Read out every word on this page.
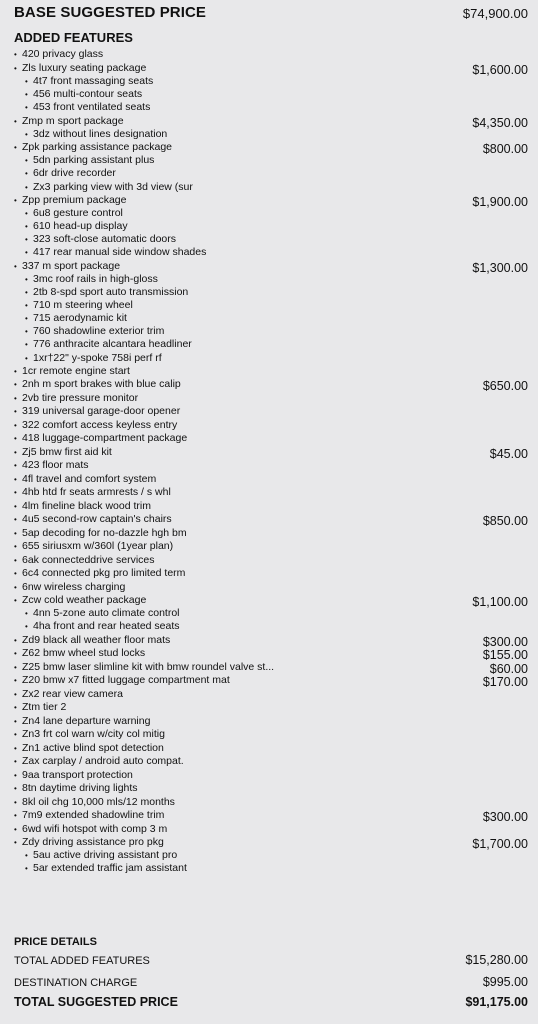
BASE SUGGESTED PRICE	$74,900.00
ADDED FEATURES
• 420 privacy glass
• Zls luxury seating package	$1,600.00
• 4t7 front massaging seats
• 456 multi-contour seats
• 453 front ventilated seats
• Zmp m sport package	$4,350.00
• 3dz without lines designation
• Zpk parking assistance package	$800.00
• 5dn parking assistant plus
• 6dr drive recorder
• Zx3 parking view with 3d view (sur
• Zpp premium package	$1,900.00
• 6u8 gesture control
• 610 head-up display
• 323 soft-close automatic doors
• 417 rear manual side window shades
• 337 m sport package	$1,300.00
• 3mc roof rails in high-gloss
• 2tb 8-spd sport auto transmission
• 710 m steering wheel
• 715 aerodynamic kit
• 760 shadowline exterior trim
• 776 anthracite alcantara headliner
• 1xr†22" y-spoke 758i perf rf
• 1cr remote engine start
• 2nh m sport brakes with blue calip	$650.00
• 2vb tire pressure monitor
• 319 universal garage-door opener
• 322 comfort access keyless entry
• 418 luggage-compartment package
• Zj5 bmw first aid kit	$45.00
• 423 floor mats
• 4fl travel and comfort system
• 4hb htd fr seats armrests / s whl
• 4lm fineline black wood trim
• 4u5 second-row captain's chairs	$850.00
• 5ap decoding for no-dazzle hgh bm
• 655 siriusxm w/360l (1year plan)
• 6ak connecteddrive services
• 6c4 connected pkg pro limited term
• 6nw wireless charging
• Zcw cold weather package	$1,100.00
• 4nn 5-zone auto climate control
• 4ha front and rear heated seats
• Zd9 black all weather floor mats	$300.00
• Z62 bmw wheel stud locks	$155.00
• Z25 bmw laser slimline kit with bmw roundel valve st...	$60.00
• Z20 bmw x7 fitted luggage compartment mat	$170.00
• Zx2 rear view camera
• Ztm tier 2
• Zn4 lane departure warning
• Zn3 frt col warn w/city col mitig
• Zn1 active blind spot detection
• Zax carplay / android auto compat.
• 9aa transport protection
• 8tn daytime driving lights
• 8kl oil chg 10,000 mls/12 months
• 7m9 extended shadowline trim	$300.00
• 6wd wifi hotspot with comp 3 m
• Zdy driving assistance pro pkg	$1,700.00
• 5au active driving assistant pro
• 5ar extended traffic jam assistant
PRICE DETAILS
TOTAL ADDED FEATURES	$15,280.00
DESTINATION CHARGE	$995.00
TOTAL SUGGESTED PRICE	$91,175.00
